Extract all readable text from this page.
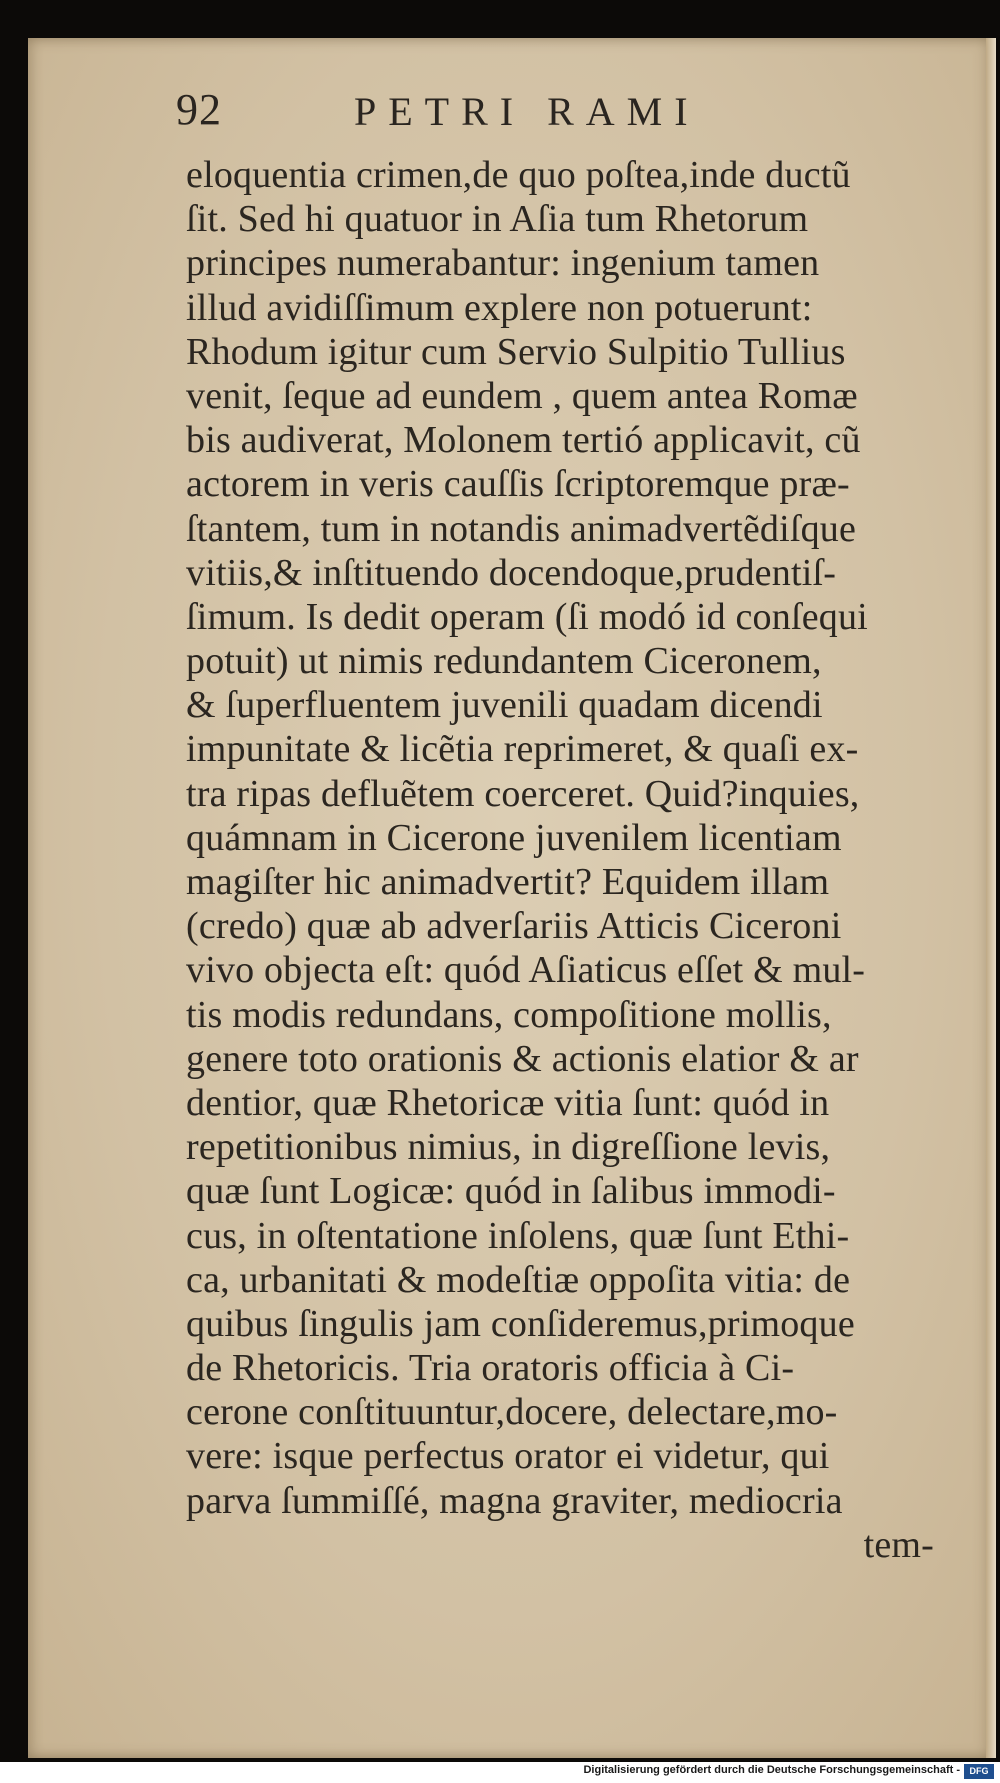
92	PETRI RAMI
eloquentia crimen,de quo poſtea,inde ductũ
ſit. Sed hi quatuor in Aſia tum Rhetorum
principes numerabantur: ingenium tamen
illud avidiſſimum explere non potuerunt:
Rhodum igitur cum Servio Sulpitio Tullius
venit, ſeque ad eundem , quem antea Romæ
bis audiverat, Molonem tertió applicavit, cũ
actorem in veris cauſſis ſcriptoremque præ-
ſtantem, tum in notandis animadvertẽdiſque
vitiis,& inſtituendo docendoque,prudentiſ-
ſimum. Is dedit operam (ſi modó id conſequi
potuit) ut nimis redundantem Ciceronem,
& ſuperfluentem juvenili quadam dicendi
impunitate & licẽtia reprimeret, & quaſi ex-
tra ripas defluẽtem coerceret. Quid?inquies,
quámnam in Cicerone juvenilem licentiam
magiſter hic animadvertit? Equidem illam
(credo) quæ ab adverſariis Atticis Ciceroni
vivo objecta eſt: quód Aſiaticus eſſet & mul-
tis modis redundans, compoſitione mollis,
genere toto orationis & actionis elatior & ar
dentior, quæ Rhetoricæ vitia ſunt: quód in
repetitionibus nimius, in digreſſione levis,
quæ ſunt Logicæ: quód in ſalibus immodi-
cus, in oſtentatione inſolens, quæ ſunt Ethi-
ca, urbanitati & modeſtiæ oppoſita vitia: de
quibus ſingulis jam conſideremus,primoque
de Rhetoricis. Tria oratoris officia à Ci-
cerone conſtituuntur,docere, delectare,mo-
vere: isque perfectus orator ei videtur, qui
parva ſummiſſé, magna graviter, mediocria
tem-
Digitalisierung gefördert durch die Deutsche Forschungsgemeinschaft -	DFG
